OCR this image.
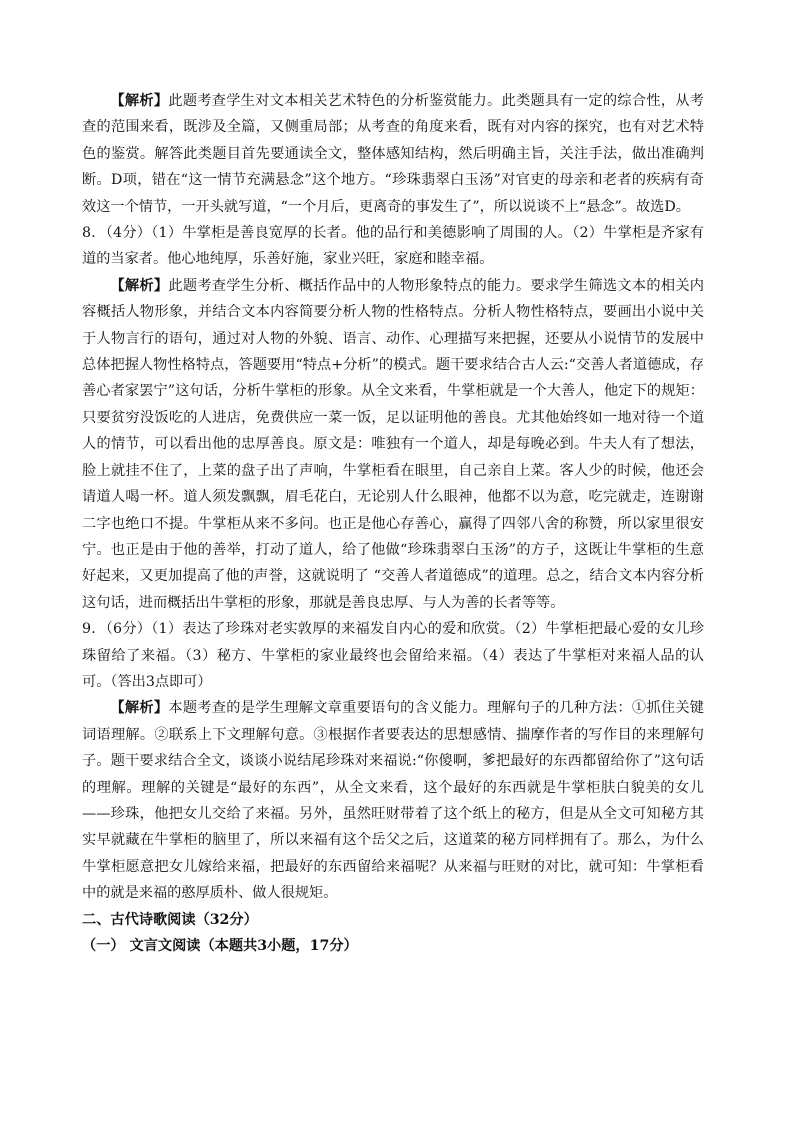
【解析】此题考查学生对文本相关艺术特色的分析鉴赏能力。此类题具有一定的综合性，从考查的范围来看，既涉及全篇，又侧重局部；从考查的角度来看，既有对内容的探究，也有对艺术特色的鉴赏。解答此类题目首先要通读全文，整体感知结构，然后明确主旨，关注手法，做出准确判断。D项，错在“这一情节充满悬念”这个地方。“珍珠翡翠白玉汤”对官吏的母亲和老者的疾病有奇效这一个情节，一开头就写道，“一个月后，更离奇的事发生了”，所以说谈不上“悬念”。故选D。

8．（4分）（1）牛掌柜是善良宽厚的长者。他的品行和美德影响了周围的人。（2）牛掌柜是齐家有道的当家者。他心地纯厚，乐善好施，家业兴旺，家庭和睦幸福。

【解析】此题考查学生分析、概括作品中的人物形象特点的能力。要求学生筛选文本的相关内容概括人物形象，并结合文本内容简要分析人物的性格特点。分析人物性格特点，要画出小说中关于人物言行的语句，通过对人物的外貌、语言、动作、心理描写来把握，还要从小说情节的发展中总体把握人物性格特点，答题要用“特点+分析”的模式。题干要求结合古人云:“交善人者道德成，存善心者家罢宁”这句话，分析牛掌柜的形象。从全文来看，牛掌柜就是一个大善人，他定下的规矩：只要贫穷没饭吃的人进店，免费供应一菜一饭，足以证明他的善良。尤其他始终如一地对待一个道人的情节，可以看出他的忠厚善良。原文是：唯独有一个道人，却是每晚必到。牛夫人有了想法，脸上就挂不住了，上菜的盘子出了声响，牛掌柜看在眼里，自己亲自上菜。客人少的时候，他还会请道人喝一杯。道人须发飘飘，眉毛花白，无论别人什么眼神，他都不以为意，吃完就走，连谢谢二字也绝口不提。牛掌柜从来不多问。也正是他心存善心，赢得了四邻八舍的称赞，所以家里很安宁。也正是由于他的善举，打动了道人，给了他做“珍珠翡翠白玉汤”的方子，这既让牛掌柜的生意好起来，又更加提高了他的声誉，这就说明了 “交善人者道德成”的道理。总之，结合文本内容分析这句话，进而概括出牛掌柜的形象，那就是善良忠厚、与人为善的长者等等。

9．（6分）（1）表达了珍珠对老实敦厚的来福发自内心的爱和欣赏。（2）牛掌柜把最心爱的女儿珍珠留给了来福。（3）秘方、牛掌柜的家业最终也会留给来福。（4）表达了牛掌柜对来福人品的认可。（答出3点即可）

【解析】本题考查的是学生理解文章重要语句的含义能力。理解句子的几种方法：①抓住关键词语理解。②联系上下文理解句意。③根据作者要表达的思想感情、揣摩作者的写作目的来理解句子。题干要求结合全文，谈谈小说结尾珍珠对来福说:“你傻啊，爹把最好的东西都留给你了”这句话的理解。理解的关键是“最好的东西”，从全文来看，这个最好的东西就是牛掌柜肤白貌美的女儿——珍珠，他把女儿交给了来福。另外，虽然旺财带着了这个纸上的秘方，但是从全文可知秘方其实早就藏在牛掌柜的脑里了，所以来福有这个岳父之后，这道菜的秘方同样拥有了。那么，为什么牛掌柜愿意把女儿嫁给来福，把最好的东西留给来福呢？从来福与旺财的对比，就可知：牛掌柜看中的就是来福的憨厚质朴、做人很规矩。

二、古代诗歌阅读（32分）

（一） 文言文阅读（本题共3小题，17分）
